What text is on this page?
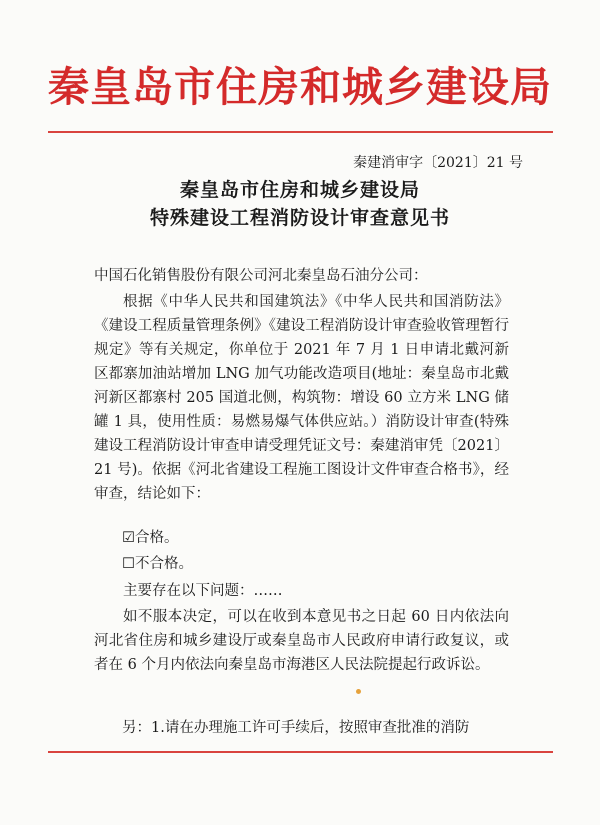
秦皇岛市住房和城乡建设局
秦建消审字〔2021〕21 号
秦皇岛市住房和城乡建设局
特殊建设工程消防设计审查意见书
中国石化销售股份有限公司河北秦皇岛石油分公司：
根据《中华人民共和国建筑法》《中华人民共和国消防法》《建设工程质量管理条例》《建设工程消防设计审查验收管理暂行规定》等有关规定，你单位于 2021 年 7 月 1 日申请北戴河新区都寨加油站增加 LNG 加气功能改造项目(地址：秦皇岛市北戴河新区都寨村 205 国道北侧，构筑物：增设 60 立方米 LNG 储罐 1 具，使用性质：易燃易爆气体供应站。）消防设计审查(特殊建设工程消防设计审查申请受理凭证文号：秦建消审凭〔2021〕21 号)。依据《河北省建设工程施工图设计文件审查合格书》，经审查，结论如下：
☑合格。
☐不合格。
主要存在以下问题：……
如不服本决定，可以在收到本意见书之日起 60 日内依法向河北省住房和城乡建设厅或秦皇岛市人民政府申请行政复议，或者在 6 个月内依法向秦皇岛市海港区人民法院提起行政诉讼。
另：1.请在办理施工许可手续后，按照审查批准的消防
